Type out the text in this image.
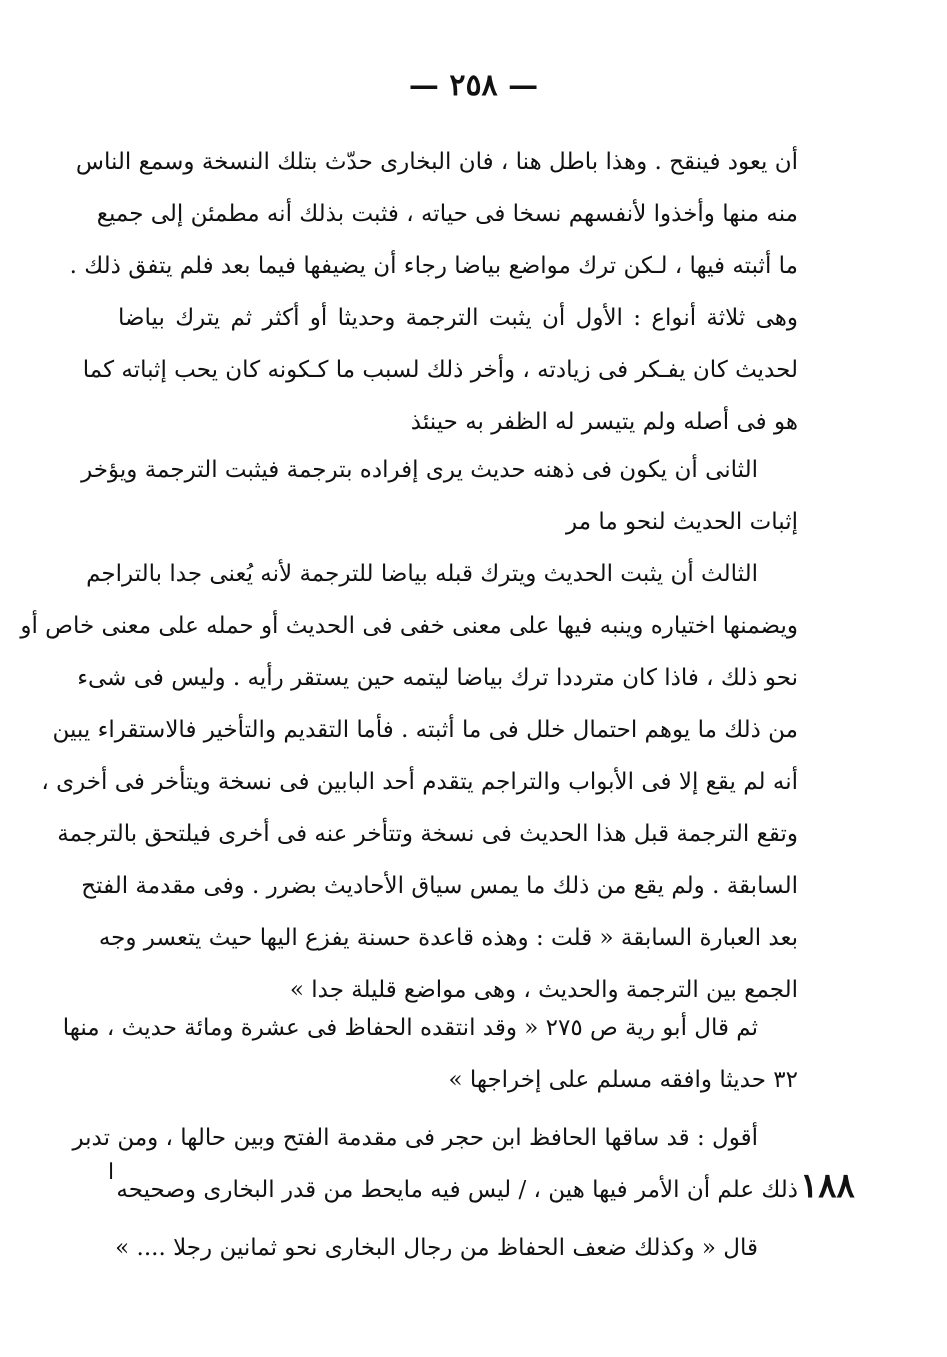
— ٢٥٨ —
أن يعود فينقح . وهذا باطل هنا ، فان البخارى حدّث بتلك النسخة وسمع الناس
منه منها وأخذوا لأنفسهم نسخا فى حياته ، فثبت بذلك أنه مطمئن إلى جميع
ما أثبته فيها ، لـكن ترك مواضع بياضا رجاء أن يضيفها فيما بعد فلم يتفق ذلك .
وهى ثلاثة أنواع : الأول أن يثبت الترجمة وحديثا أو أكثر ثم يترك بياضا
لحديث كان يفـكر فى زيادته ، وأخر ذلك لسبب ما كـكونه كان يحب إثباته كما
هو فى أصله ولم يتيسر له الظفر به حينئذ
الثانى أن يكون فى ذهنه حديث يرى إفراده بترجمة فيثبت الترجمة ويؤخر
إثبات الحديث لنحو ما مر
الثالث أن يثبت الحديث ويترك قبله بياضا للترجمة لأنه يُعنى جدا بالتراجم
ويضمنها اختياره وينبه فيها على معنى خفى فى الحديث أو حمله على معنى خاص أو
نحو ذلك ، فاذا كان مترددا ترك بياضا ليتمه حين يستقر رأيه . وليس فى شىء
من ذلك ما يوهم احتمال خلل فى ما أثبته . فأما التقديم والتأخير فالاستقراء يبين
أنه لم يقع إلا فى الأبواب والتراجم يتقدم أحد البابين فى نسخة ويتأخر فى أخرى ،
وتقع الترجمة قبل هذا الحديث فى نسخة وتتأخر عنه فى أخرى فيلتحق بالترجمة
السابقة . ولم يقع من ذلك ما يمس سياق الأحاديث بضرر . وفى مقدمة الفتح
بعد العبارة السابقة « قلت : وهذه قاعدة حسنة يفزع اليها حيث يتعسر وجه
الجمع بين الترجمة والحديث ، وهى مواضع قليلة جدا »
ثم قال أبو رية ص ٢٧٥ « وقد انتقده الحفاظ فى عشرة ومائة حديث ، منها
٣٢ حديثا وافقه مسلم على إخراجها »
أقول : قد ساقها الحافظ ابن حجر فى مقدمة الفتح وبين حالها ، ومن تدبر
ذلك علم أن الأمر فيها هين ، / ليس فيه مايحط من قدر البخارى وصحيحه
قال « وكذلك ضعف الحفاظ من رجال البخارى نحو ثمانين رجلا .... »
١٨٨
ا
